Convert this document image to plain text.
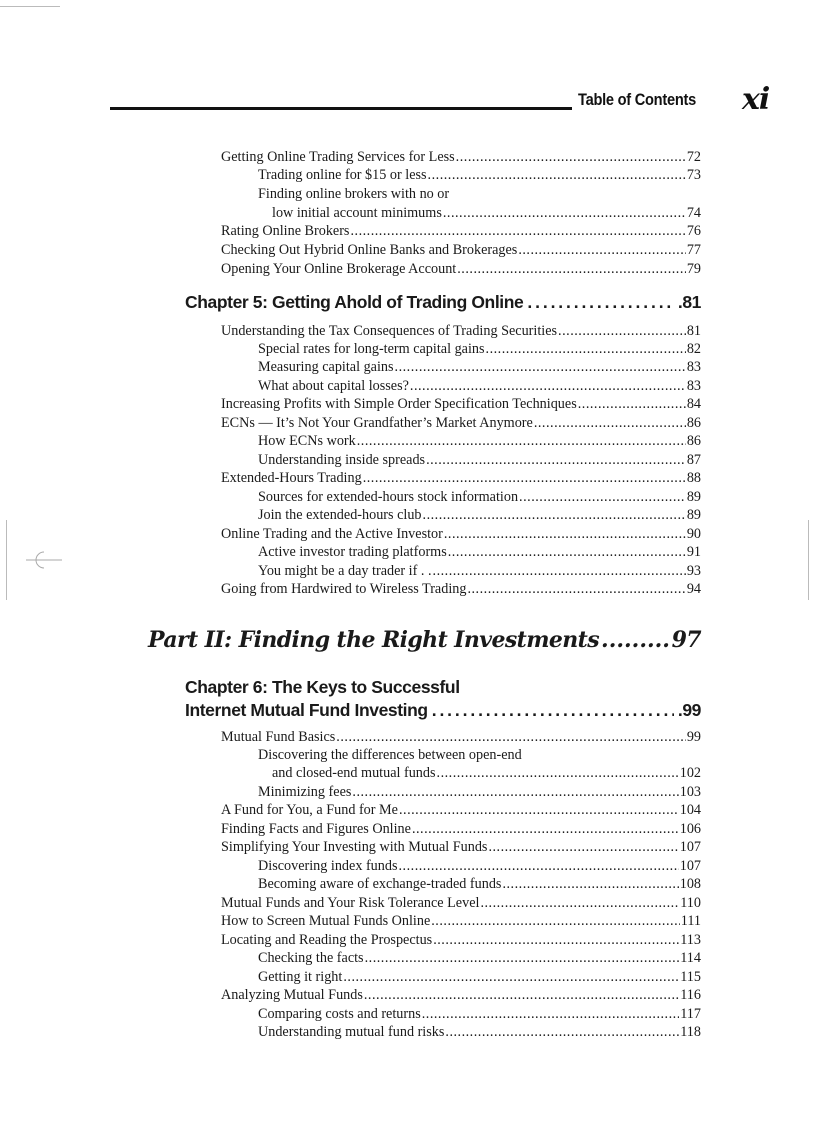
Table of Contents xi
Getting Online Trading Services for Less .....	72
Trading online for $15 or less .....	73
Finding online brokers with no or
low initial account minimums .....	74
Rating Online Brokers .....	76
Checking Out Hybrid Online Banks and Brokerages .....	77
Opening Your Online Brokerage Account .....	79
Chapter 5: Getting Ahold of Trading Online . .	.81
Understanding the Tax Consequences of Trading Securities .....	81
Special rates for long-term capital gains .....	82
Measuring capital gains .....	83
What about capital losses? .....	83
Increasing Profits with Simple Order Specification Techniques .....	84
ECNs — It’s Not Your Grandfather’s Market Anymore .....	86
How ECNs work .....	86
Understanding inside spreads .....	87
Extended-Hours Trading .....	88
Sources for extended-hours stock information .....	89
Join the extended-hours club .....	89
Online Trading and the Active Investor .....	90
Active investor trading platforms .....	91
You might be a day trader if . . .....	93
Going from Hardwired to Wireless Trading .....	94
Part II: Finding the Right Investments .....	97
Chapter 6: The Keys to Successful
Internet Mutual Fund Investing . .	.99
Mutual Fund Basics .....	99
Discovering the differences between open-end
and closed-end mutual funds .....	102
Minimizing fees .....	103
A Fund for You, a Fund for Me .....	104
Finding Facts and Figures Online .....	106
Simplifying Your Investing with Mutual Funds .....	107
Discovering index funds .....	107
Becoming aware of exchange-traded funds .....	108
Mutual Funds and Your Risk Tolerance Level .....	110
How to Screen Mutual Funds Online .....	111
Locating and Reading the Prospectus .....	113
Checking the facts .....	114
Getting it right .....	115
Analyzing Mutual Funds .....	116
Comparing costs and returns .....	117
Understanding mutual fund risks .....	118
